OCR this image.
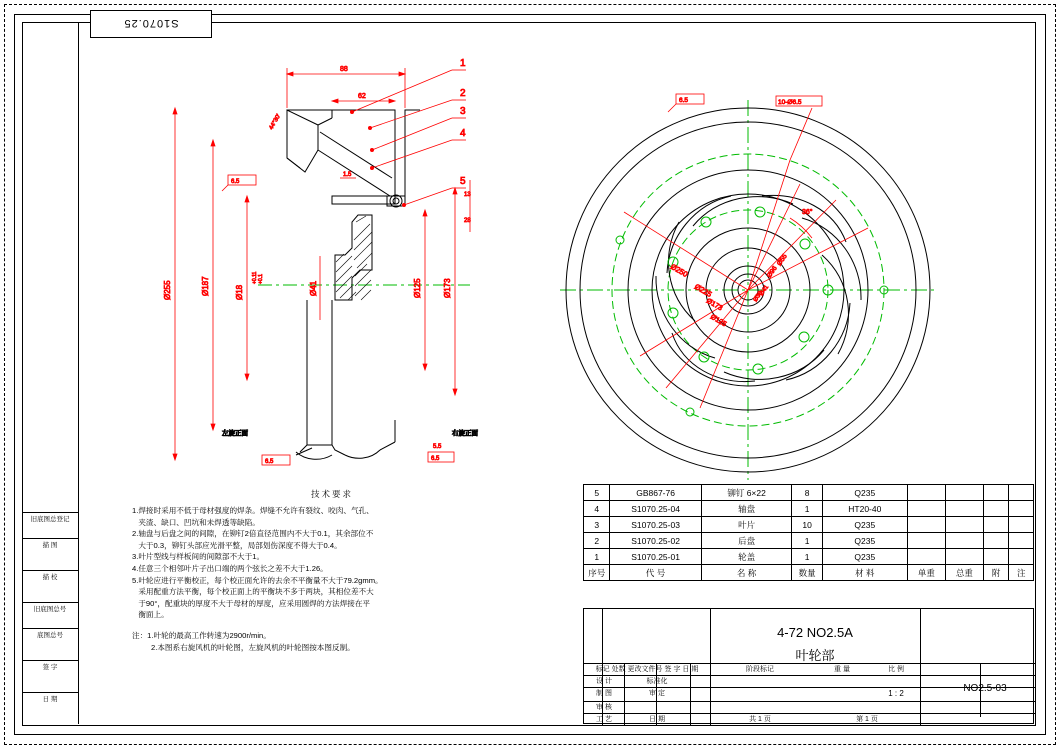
旧底图总登记
描 图
描 校
旧底图总号
底图总号
签 字
日 期
S1070.25
88
62
1.5
Ø255	Ø187	Ø18
+0.11 +0.1
Ø41	Ø125	Ø173
13
28
44°30'
1
2
3
4
5
6.5
6.5	6.5
5.5
左旋正面	右旋正面
Ø250
Ø225
Ø173
Ø125
Ø96
Ø55
Ø41
Ø30
36°
10-Ø6.5
6.5
技术要求
1.焊接时采用不低于母材强度的焊条。焊缝不允许有裂纹、咬肉、气孔、
夹渣、缺口、凹坑和未焊透等缺陷。
2.轴盘与后盘之间的间隙，在铆钉2倍直径范围内不大于0.1，其余部位不
大于0.3，铆钉头部应光滑平整，局部划伤深度不得大于0.4。
3.叶片型线与样板间的间隙部不大于1。
4.任意三个相邻叶片子出口端的两个弦长之差不大于1.26。
5.叶轮应进行平衡校正，每个校正面允许的去余不平衡量不大于79.2gmm。
采用配重方法平衡，每个校正面上的平衡块不多于两块，其相位差不大
于90°，配重块的厚度不大于母材的厚度，应采用圆焊的方法焊接在平
衡面上。
注：1.叶轮的最高工作转速为2900r/min。
2.本图系右旋风机的叶轮图，左旋风机的叶轮图按本图反制。
5	GB867-76	铆钉 6×22	8	Q235				
4	S1070.25-04	轴盘	1	HT20-40				
3	S1070.25-03	叶片	10	Q235				
2	S1070.25-02	后盘	1	Q235				
1	S1070.25-01	轮盖	1	Q235				
序号	代 号	名 称	数量	材 料	单重	总重	附	注
标记 处数 更改文件号 签 字 日 期
设 计	标准化
制 图	审 定
审 核
工 艺	日 期
4-72 NO2.5A
叶轮部
阶段标记	重 量	比 例
1 : 2
共 1 页	第 1 页
NO2.5-03
